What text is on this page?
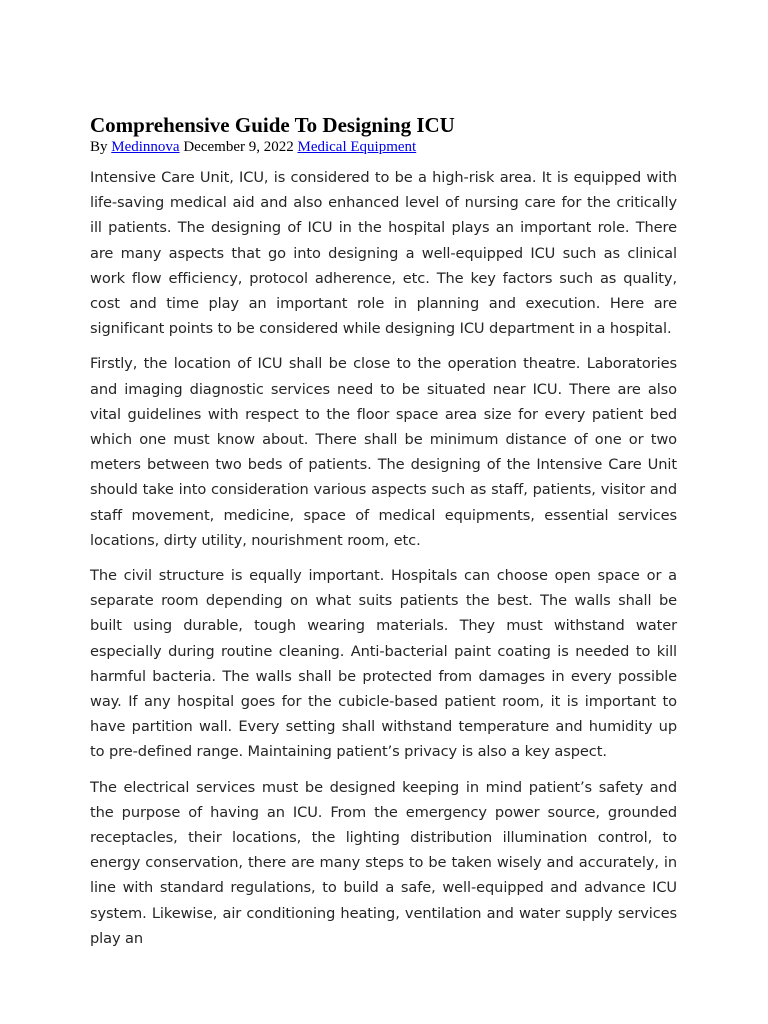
Comprehensive Guide To Designing ICU
By Medinnova December 9, 2022 Medical Equipment

Intensive Care Unit, ICU, is considered to be a high-risk area. It is equipped with life-saving medical aid and also enhanced level of nursing care for the critically ill patients. The designing of ICU in the hospital plays an important role. There are many aspects that go into designing a well-equipped ICU such as clinical work flow efficiency, protocol adherence, etc. The key factors such as quality, cost and time play an important role in planning and execution. Here are significant points to be considered while designing ICU department in a hospital.

Firstly, the location of ICU shall be close to the operation theatre. Laboratories and imaging diagnostic services need to be situated near ICU. There are also vital guidelines with respect to the floor space area size for every patient bed which one must know about. There shall be minimum distance of one or two meters between two beds of patients. The designing of the Intensive Care Unit should take into consideration various aspects such as staff, patients, visitor and staff movement, medicine, space of medical equipments, essential services locations, dirty utility, nourishment room, etc.

The civil structure is equally important. Hospitals can choose open space or a separate room depending on what suits patients the best. The walls shall be built using durable, tough wearing materials. They must withstand water especially during routine cleaning. Anti-bacterial paint coating is needed to kill harmful bacteria. The walls shall be protected from damages in every possible way. If any hospital goes for the cubicle-based patient room, it is important to have partition wall. Every setting shall withstand temperature and humidity up to pre-defined range. Maintaining patient’s privacy is also a key aspect.

The electrical services must be designed keeping in mind patient’s safety and the purpose of having an ICU. From the emergency power source, grounded receptacles, their locations, the lighting distribution illumination control, to energy conservation, there are many steps to be taken wisely and accurately, in line with standard regulations, to build a safe, well-equipped and advance ICU system. Likewise, air conditioning heating, ventilation and water supply services play an
